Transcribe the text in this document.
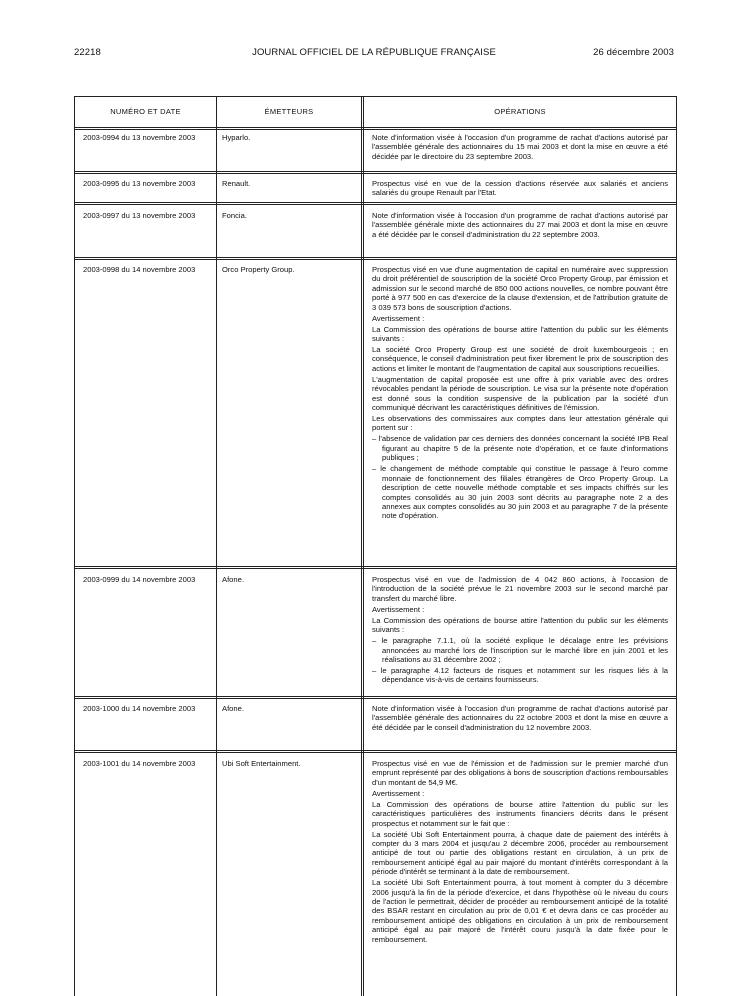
22218	JOURNAL OFFICIEL DE LA RÉPUBLIQUE FRANÇAISE	26 décembre 2003
NUMÉRO ET DATE	ÉMETTEURS	OPÉRATIONS
2003-0994 du 13 novembre 2003	Hyparlo.	Note d'information visée à l'occasion d'un programme de rachat d'actions autorisé par l'assemblée générale des actionnaires du 15 mai 2003 et dont la mise en œuvre a été décidée par le directoire du 23 septembre 2003.

2003-0995 du 13 novembre 2003	Renault.	Prospectus visé en vue de la cession d'actions réservée aux salariés et anciens salariés du groupe Renault par l'Etat.

2003-0997 du 13 novembre 2003	Foncia.	Note d'information visée à l'occasion d'un programme de rachat d'actions autorisé par l'assemblée générale mixte des actionnaires du 27 mai 2003 et dont la mise en œuvre a été décidée par le conseil d'administration du 22 septembre 2003.

2003-0998 du 14 novembre 2003	Orco Property Group.	Prospectus visé en vue d'une augmentation de capital en numéraire avec suppression du droit préférentiel de souscription de la société Orco Property Group, par émission et admission sur le second marché de 850 000 actions nouvelles, ce nombre pouvant être porté à 977 500 en cas d'exercice de la clause d'extension, et de l'attribution gratuite de 3 039 573 bons de souscription d'actions.

Avertissement :

La Commission des opérations de bourse attire l'attention du public sur les éléments suivants :

La société Orco Property Group est une société de droit luxembourgeois ; en conséquence, le conseil d'administration peut fixer librement le prix de souscription des actions et limiter le montant de l'augmentation de capital aux souscriptions recueillies.

L'augmentation de capital proposée est une offre à prix variable avec des ordres révocables pendant la période de souscription. Le visa sur la présente note d'opération est donné sous la condition suspensive de la publication par la société d'un communiqué décrivant les caractéristiques définitives de l'émission.

Les observations des commissaires aux comptes dans leur attestation générale qui portent sur :

– l'absence de validation par ces derniers des données concernant la société IPB Real figurant au chapitre 5 de la présente note d'opération, et ce faute d'informations publiques ;

– le changement de méthode comptable qui constitue le passage à l'euro comme monnaie de fonctionnement des filiales étrangères de Orco Property Group. La description de cette nouvelle méthode comptable et ses impacts chiffrés sur les comptes consolidés au 30 juin 2003 sont décrits au paragraphe note 2 a des annexes aux comptes consolidés au 30 juin 2003 et au paragraphe 7 de la présente note d'opération.

2003-0999 du 14 novembre 2003	Afone.	Prospectus visé en vue de l'admission de 4 042 860 actions, à l'occasion de l'introduction de la société prévue le 21 novembre 2003 sur le second marché par transfert du marché libre.

Avertissement :

La Commission des opérations de bourse attire l'attention du public sur les éléments suivants :

– le paragraphe 7.1.1, où la société explique le décalage entre les prévisions annoncées au marché lors de l'inscription sur le marché libre en juin 2001 et les réalisations au 31 décembre 2002 ;

– le paragraphe 4.12 facteurs de risques et notamment sur les risques liés à la dépendance vis-à-vis de certains fournisseurs.

2003-1000 du 14 novembre 2003	Afone.	Note d'information visée à l'occasion d'un programme de rachat d'actions autorisé par l'assemblée générale des actionnaires du 22 octobre 2003 et dont la mise en œuvre a été décidée par le conseil d'administration du 12 novembre 2003.

2003-1001 du 14 novembre 2003	Ubi Soft Entertainment.	Prospectus visé en vue de l'émission et de l'admission sur le premier marché d'un emprunt représenté par des obligations à bons de souscription d'actions remboursables d'un montant de 54,9 M€.

Avertissement :

La Commission des opérations de bourse attire l'attention du public sur les caractéristiques particulières des instruments financiers décrits dans le présent prospectus et notamment sur le fait que :

La société Ubi Soft Entertainment pourra, à chaque date de paiement des intérêts à compter du 3 mars 2004 et jusqu'au 2 décembre 2006, procéder au remboursement anticipé de tout ou partie des obligations restant en circulation, à un prix de remboursement anticipé égal au pair majoré du montant d'intérêts correspondant à la période d'intérêt se terminant à la date de remboursement.

La société Ubi Soft Entertainment pourra, à tout moment à compter du 3 décembre 2006 jusqu'à la fin de la période d'exercice, et dans l'hypothèse où le niveau du cours de l'action le permettrait, décider de procéder au remboursement anticipé de la totalité des BSAR restant en circulation au prix de 0,01 € et devra dans ce cas procéder au remboursement anticipé des obligations en circulation à un prix de remboursement anticipé égal au pair majoré de l'intérêt couru jusqu'à la date fixée pour le remboursement.
